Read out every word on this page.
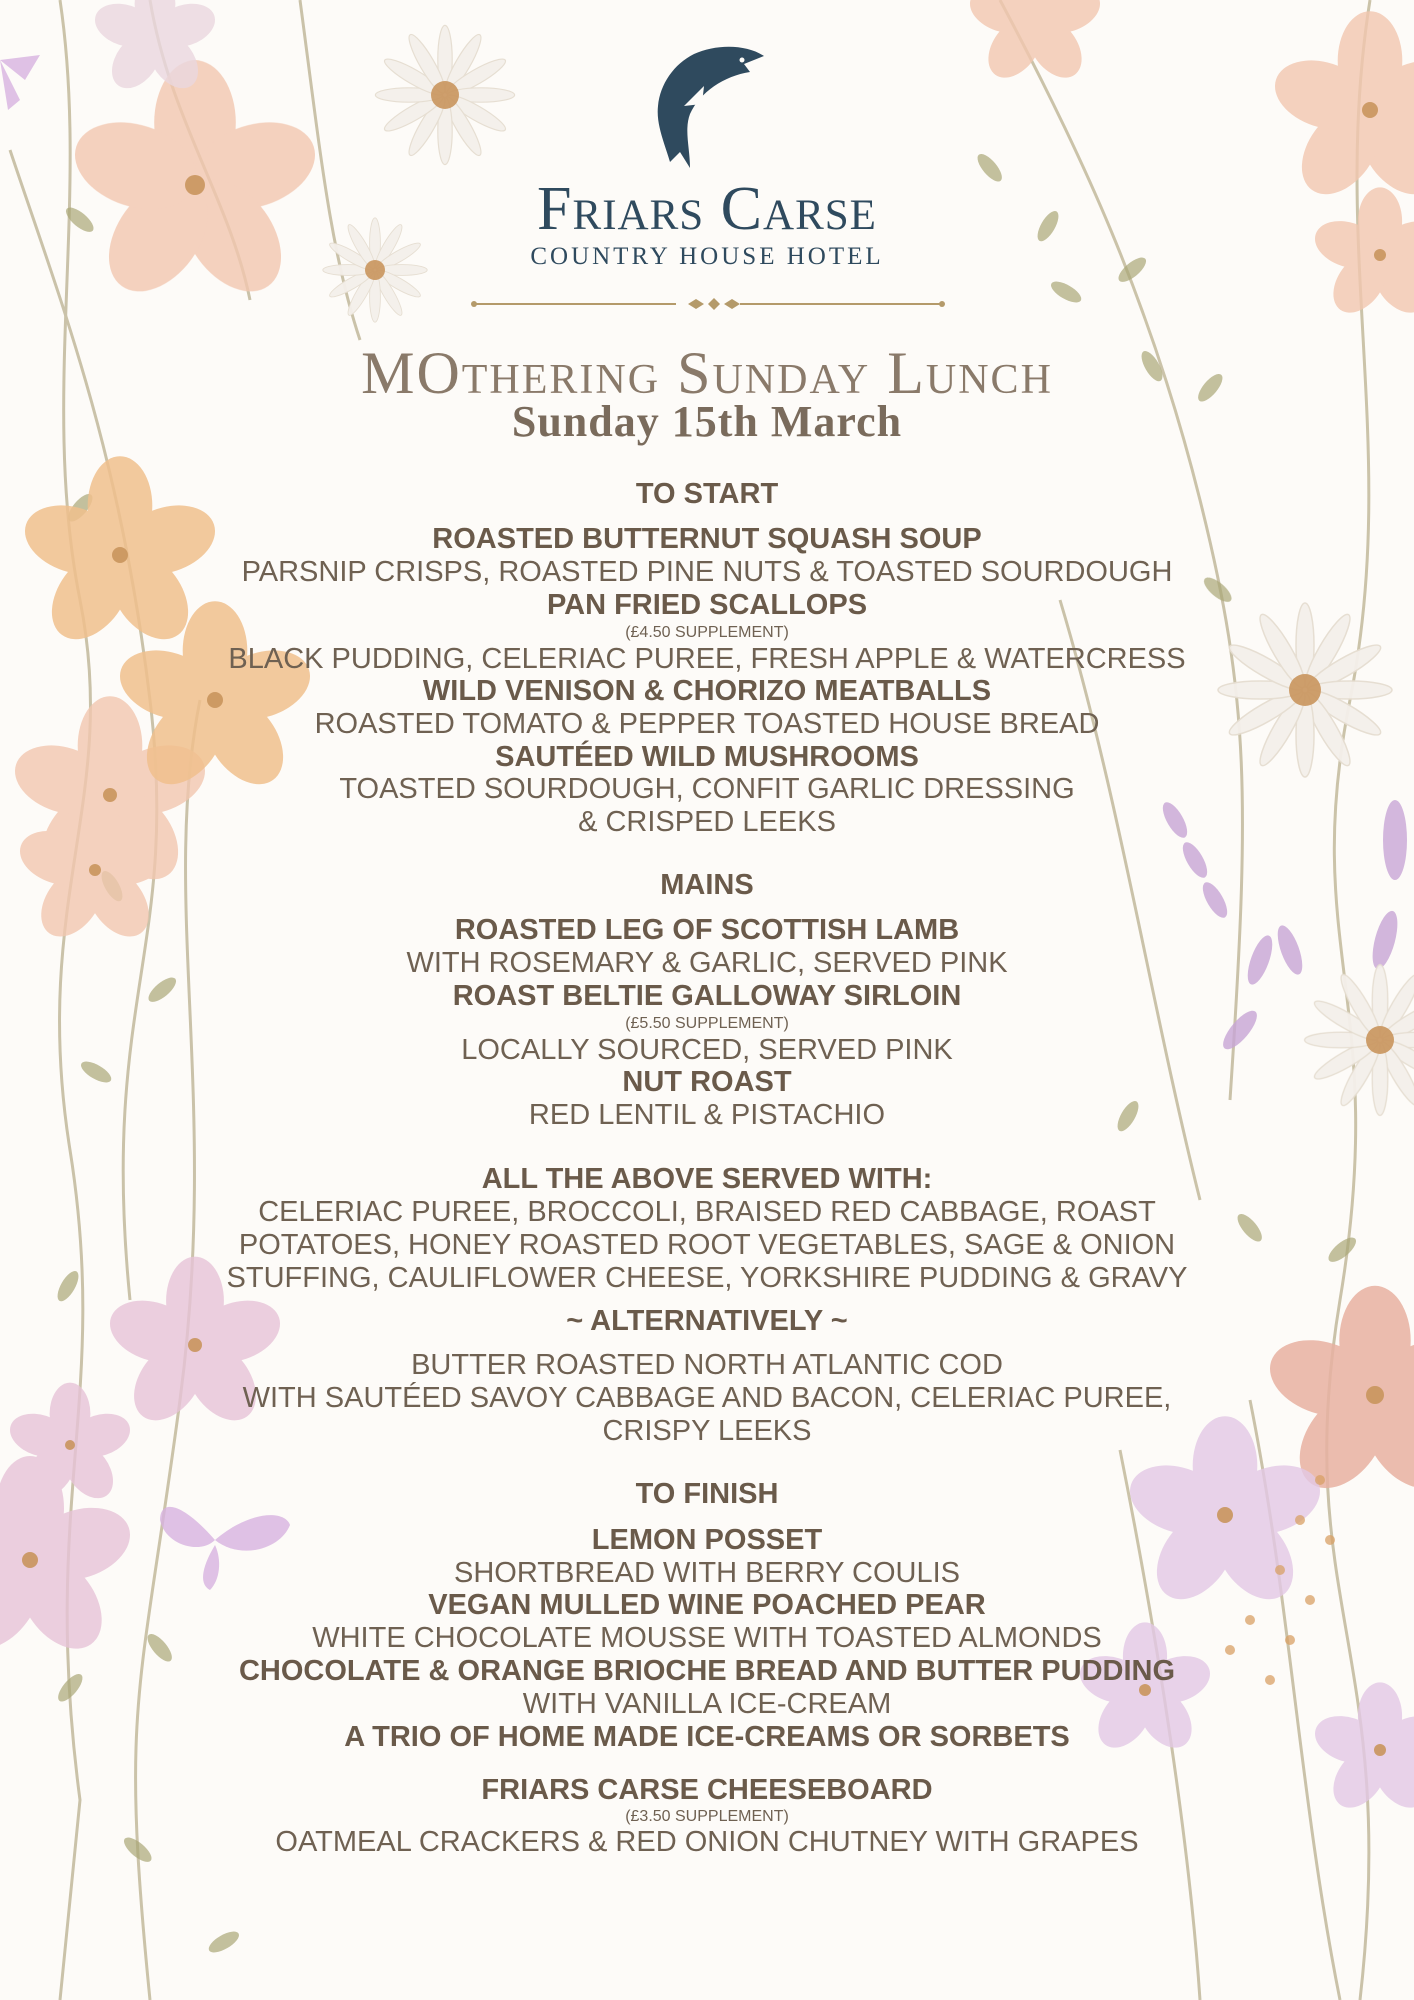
Friars Carse
COUNTRY HOUSE HOTEL
MOthering Sunday Lunch
Sunday 15th March
TO START
ROASTED BUTTERNUT SQUASH SOUP
PARSNIP CRISPS, ROASTED PINE NUTS & TOASTED SOURDOUGH
PAN FRIED SCALLOPS
(£4.50 SUPPLEMENT)
BLACK PUDDING, CELERIAC PUREE, FRESH APPLE & WATERCRESS
WILD VENISON & CHORIZO MEATBALLS
ROASTED TOMATO & PEPPER TOASTED HOUSE BREAD
SAUTÉED WILD MUSHROOMS
TOASTED SOURDOUGH, CONFIT GARLIC DRESSING
& CRISPED LEEKS
MAINS
ROASTED LEG OF SCOTTISH LAMB
WITH ROSEMARY & GARLIC, SERVED PINK
ROAST BELTIE GALLOWAY SIRLOIN
(£5.50 SUPPLEMENT)
LOCALLY SOURCED, SERVED PINK
NUT ROAST
RED LENTIL & PISTACHIO
ALL THE ABOVE SERVED WITH:
CELERIAC PUREE, BROCCOLI, BRAISED RED CABBAGE, ROAST
POTATOES, HONEY ROASTED ROOT VEGETABLES, SAGE & ONION
STUFFING, CAULIFLOWER CHEESE, YORKSHIRE PUDDING & GRAVY
~ ALTERNATIVELY ~
BUTTER ROASTED NORTH ATLANTIC COD
WITH SAUTÉED SAVOY CABBAGE AND BACON, CELERIAC PUREE,
CRISPY LEEKS
TO FINISH
LEMON POSSET
SHORTBREAD WITH BERRY COULIS
VEGAN MULLED WINE POACHED PEAR
WHITE CHOCOLATE MOUSSE WITH TOASTED ALMONDS
CHOCOLATE & ORANGE BRIOCHE BREAD AND BUTTER PUDDING
WITH VANILLA ICE-CREAM
A TRIO OF HOME MADE ICE-CREAMS OR SORBETS
FRIARS CARSE CHEESEBOARD
(£3.50 SUPPLEMENT)
OATMEAL CRACKERS & RED ONION CHUTNEY WITH GRAPES
